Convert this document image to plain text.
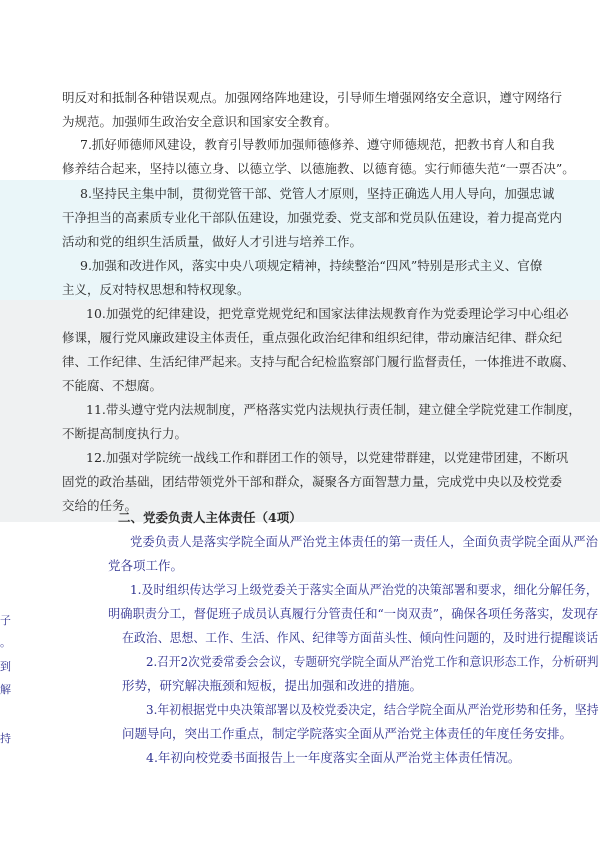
明反对和抵制各种错误观点。加强网络阵地建设，引导师生增强网络安全意识，遵守网络行
为规范。加强师生政治安全意识和国家安全教育。
7.抓好师德师风建设，教育引导教师加强师德修养、遵守师德规范，把教书育人和自我
修养结合起来，坚持以德立身、以德立学、以德施教、以德育德。实行师德失范“一票否决”。
8.坚持民主集中制，贯彻党管干部、党管人才原则，坚持正确选人用人导向，加强忠诚
干净担当的高素质专业化干部队伍建设，加强党委、党支部和党员队伍建设，着力提高党内
活动和党的组织生活质量，做好人才引进与培养工作。
9.加强和改进作风，落实中央八项规定精神，持续整治“四风”特别是形式主义、官僚
主义，反对特权思想和特权现象。
10.加强党的纪律建设，把党章党规党纪和国家法律法规教育作为党委理论学习中心组必
修课，履行党风廉政建设主体责任，重点强化政治纪律和组织纪律，带动廉洁纪律、群众纪
律、工作纪律、生活纪律严起来。支持与配合纪检监察部门履行监督责任，一体推进不敢腐、
不能腐、不想腐。
11.带头遵守党内法规制度，严格落实党内法规执行责任制，建立健全学院党建工作制度，
不断提高制度执行力。
12.加强对学院统一战线工作和群团工作的领导，以党建带群建，以党建带团建，不断巩
固党的政治基础，团结带领党外干部和群众，凝聚各方面智慧力量，完成党中央以及校党委
交给的任务。
二、党委负责人主体责任（4项）
党委负责人是落实学院全面从严治党主体责任的第一责任人，全面负责学院全面从严治
党各项工作。
1.及时组织传达学习上级党委关于落实全面从严治党的决策部署和要求，细化分解任务，
明确职责分工，督促班子成员认真履行分管责任和“一岗双责”，确保各项任务落实，发现存
在政治、思想、工作、生活、作风、纪律等方面苗头性、倾向性问题的，及时进行提醒谈话
2.召开2次党委常委会会议，专题研究学院全面从严治党工作和意识形态工作，分析研判
形势，研究解决瓶颈和短板，提出加强和改进的措施。
3.年初根据党中央决策部署以及校党委决定，结合学院全面从严治党形势和任务，坚持
问题导向，突出工作重点，制定学院落实全面从严治党主体责任的年度任务安排。
4.年初向校党委书面报告上一年度落实全面从严治党主体责任情况。
子
。
到
解
持
